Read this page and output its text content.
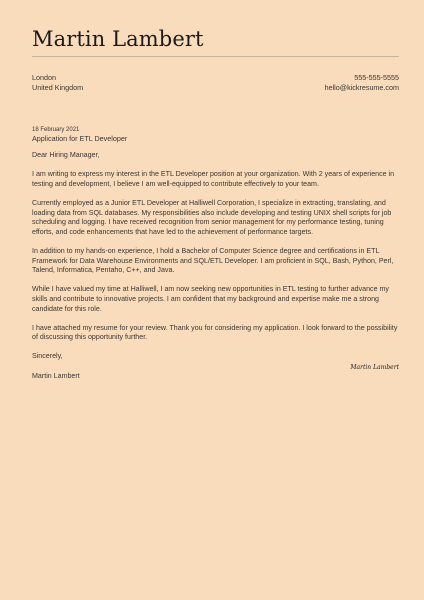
Martin Lambert
London
United Kingdom
555-555-5555
hello@kickresume.com
18 February 2021
Application for ETL Developer

Dear Hiring Manager,

I am writing to express my interest in the ETL Developer position at your organization. With 2 years of experience in testing and development, I believe I am well-equipped to contribute effectively to your team.

Currently employed as a Junior ETL Developer at Halliwell Corporation, I specialize in extracting, translating, and loading data from SQL databases. My responsibilities also include developing and testing UNIX shell scripts for job scheduling and logging. I have received recognition from senior management for my performance testing, tuning efforts, and code enhancements that have led to the achievement of performance targets.

In addition to my hands-on experience, I hold a Bachelor of Computer Science degree and certifications in ETL Framework for Data Warehouse Environments and SQL/ETL Developer. I am proficient in SQL, Bash, Python, Perl, Talend, Informatica, Pentaho, C++, and Java.

While I have valued my time at Halliwell, I am now seeking new opportunities in ETL testing to further advance my skills and contribute to innovative projects. I am confident that my background and expertise make me a strong candidate for this role.

I have attached my resume for your review. Thank you for considering my application. I look forward to the possibility of discussing this opportunity further.

Sincerely,

Martin Lambert

Martin Lambert
